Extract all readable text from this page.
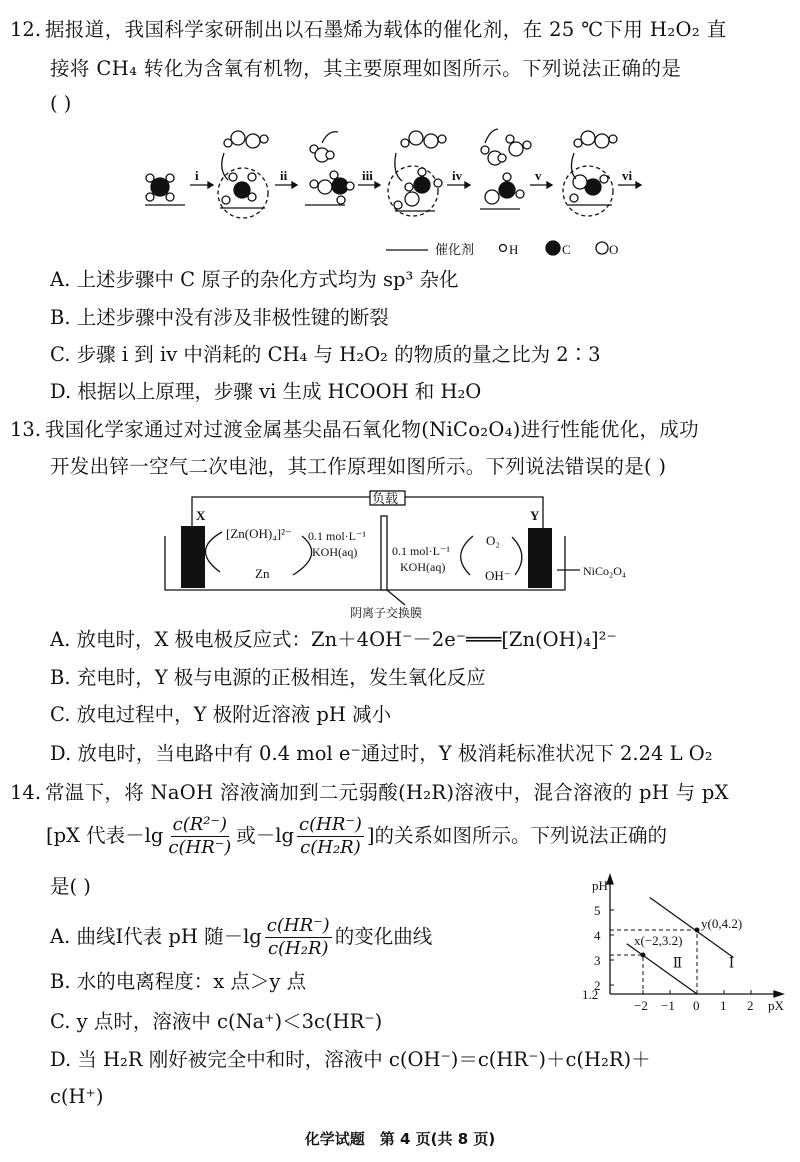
12. 据报道，我国科学家研制出以石墨烯为载体的催化剂，在 25 ℃下用 H₂O₂ 直
接将 CH₄ 转化为含氧有机物，其主要原理如图所示。下列说法正确的是
( )
i	ii	iii	iv	v	vi
催化剂	H	C	O
A. 上述步骤中 C 原子的杂化方式均为 sp³ 杂化
B. 上述步骤中没有涉及非极性键的断裂
C. 步骤 i 到 iv 中消耗的 CH₄ 与 H₂O₂ 的物质的量之比为 2∶3
D. 根据以上原理，步骤 vi 生成 HCOOH 和 H₂O
13. 我国化学家通过对过渡金属基尖晶石氧化物(NiCo₂O₄)进行性能优化，成功
开发出锌一空气二次电池，其工作原理如图所示。下列说法错误的是( )
负载
X	Y
[Zn(OH)₄]²⁻ 0.1 mol·L⁻¹
KOH(aq)
Zn
0.1 mol·L⁻¹
KOH(aq)
O₂
OH⁻	NiCo₂O₄
阴离子交换膜
A. 放电时，X 极电极反应式：Zn＋4OH⁻－2e⁻═══[Zn(OH)₄]²⁻
B. 充电时，Y 极与电源的正极相连，发生氧化反应
C. 放电过程中，Y 极附近溶液 pH 减小
D. 放电时，当电路中有 0.4 mol e⁻通过时，Y 极消耗标准状况下 2.24 L O₂
14. 常温下，将 NaOH 溶液滴加到二元弱酸(H₂R)溶液中，混合溶液的 pH 与 pX
[pX 代表$-\lg \frac{\text{c(R²⁻)}}{c(HR^-)}$ 或$-\lg \frac{c(HR^-)}{\text{c(H₂R)}}$ ]的关系如图所示。下列说法正确的
是( )
A. 曲线Ⅰ代表 pH 随$-\lg \frac{c(HR^-)}{\text{c(H₂R)}}$ 的变化曲线
B. 水的电离程度：x 点＞y 点
C. y 点时，溶液中 c(Na⁺)＜3c(HR⁻)
D. 当 H₂R 刚好被完全中和时，溶液中 c(OH⁻)＝c(HR⁻)＋c(H₂R)＋
c(H⁺)
−2 −1 0 1 2
1.2
2
3
4
5
Ⅰ
Ⅱ
x(−2,3.2)
y(0,4.2)
pH
pX
化学试题　第 4 页(共 8 页)
